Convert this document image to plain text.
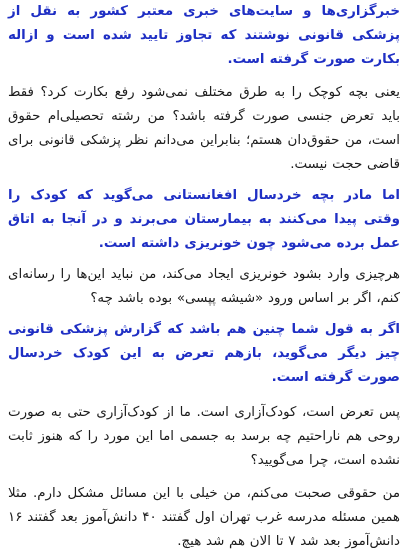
خبرگزاری‌ها و سایت‌های خبری معتبر کشور به نقل از پزشکی قانونی نوشتند که تجاوز تایید شده است و ازاله بکارت صورت گرفته است.

یعنی بچه کوچک را به طرق مختلف نمی‌شود رفع بکارت کرد؟ فقط باید تعرض جنسی صورت گرفته باشد؟ من رشته تحصیلی‌ام حقوق است، من حقوق‌دان هستم؛ بنابراین می‌دانم نظر پزشکی قانونی برای قاضی حجت نیست.

اما مادر بچه خردسال افغانستانی می‌گوید که کودک را وقتی پیدا می‌کنند به بیمارستان می‌برند و در آنجا به اتاق عمل برده می‌شود چون خونریزی داشته است.

هرچیزی وارد بشود خونریزی ایجاد می‌کند، من نباید این‌ها را رسانه‌ای کنم، اگر بر اساس ورود «شیشه پپسی» بوده باشد چه؟

اگر به قول شما چنین هم باشد که گزارش پزشکی قانونی چیز دیگر می‌گوید، بازهم تعرض به این کودک خردسال صورت گرفته است.

پس تعرض است، کودک‌آزاری است. ما از کودک‌آزاری حتی به صورت روحی هم ناراحتیم چه برسد به جسمی اما این مورد را که هنوز ثابت نشده است، چرا می‌گویید؟

من حقوقی صحبت می‌کنم، من خیلی با این مسائل مشکل دارم. مثلا همین مسئله مدرسه غرب تهران اول گفتند ۴۰ دانش‌آموز بعد گفتند ۱۶ دانش‌آموز بعد شد ۷ تا الان هم شد هیچ.
